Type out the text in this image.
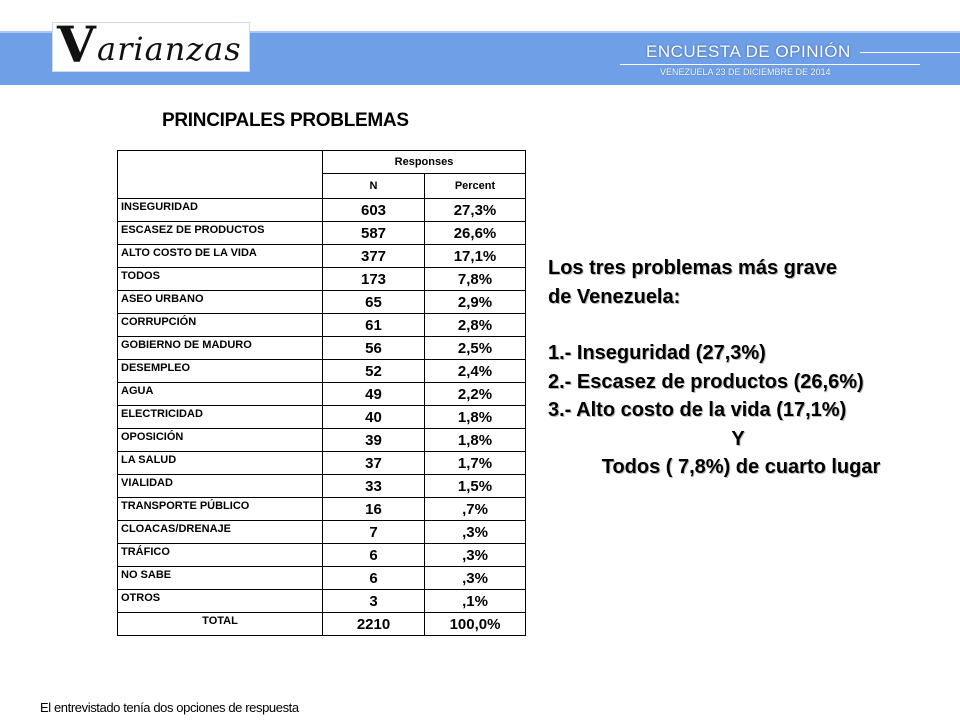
V arianzas	ENCUESTA DE OPINIÓN
VENEZUELA 23 DE DICIEMBRE DE 2014
PRINCIPALES PROBLEMAS
	Responses	
	N	Percent
INSEGURIDAD	603	27,3%
ESCASEZ DE PRODUCTOS	587	26,6%
ALTO COSTO DE LA VIDA	377	17,1%
TODOS	173	7,8%
ASEO URBANO	65	2,9%
CORRUPCIÓN	61	2,8%
GOBIERNO DE MADURO	56	2,5%
DESEMPLEO	52	2,4%
AGUA	49	2,2%
ELECTRICIDAD	40	1,8%
OPOSICIÓN	39	1,8%
LA SALUD	37	1,7%
VIALIDAD	33	1,5%
TRANSPORTE PÚBLICO	16	,7%
CLOACAS/DRENAJE	7	,3%
TRÁFICO	6	,3%
NO SABE	6	,3%
OTROS	3	,1%
TOTAL	2210	100,0%
Los tres problemas más grave
de Venezuela:
1.- Inseguridad (27,3%)
2.- Escasez de productos (26,6%)
3.- Alto costo de la vida (17,1%)
Y
Todos ( 7,8%) de cuarto lugar
El entrevistado tenía dos opciones de respuesta
